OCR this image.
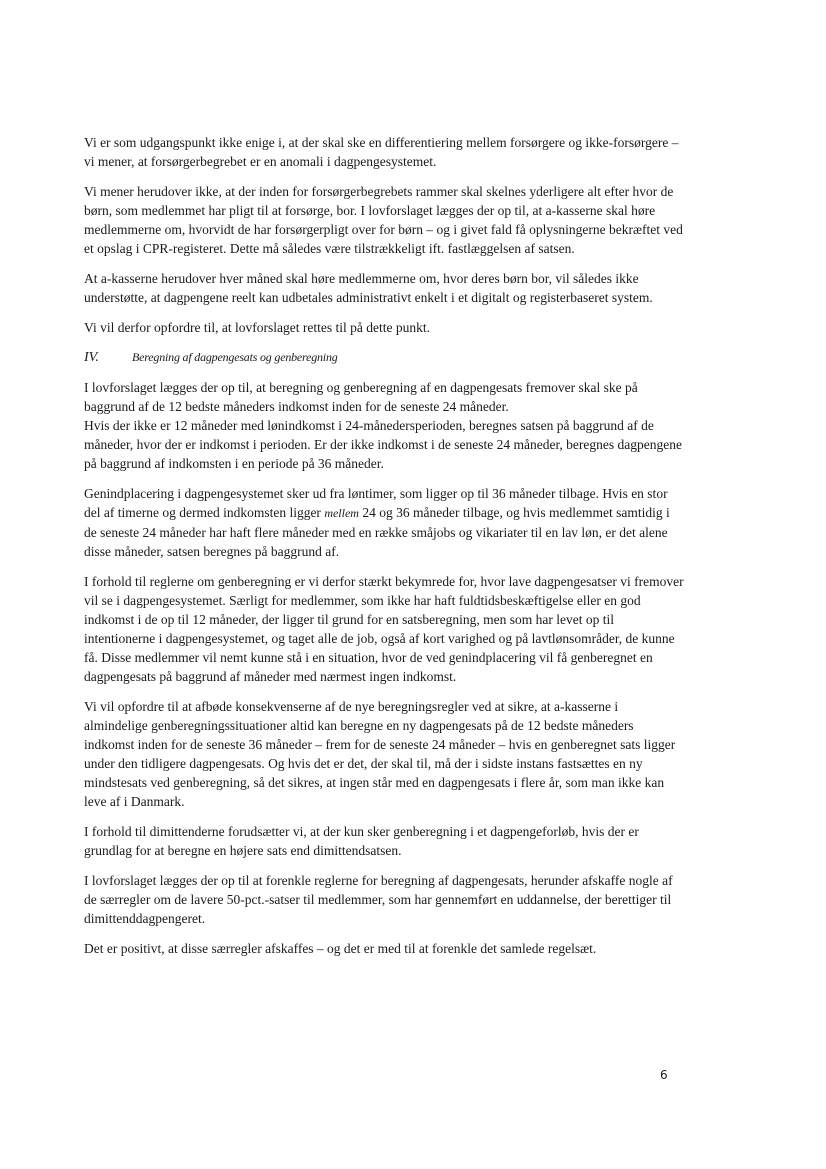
Vi er som udgangspunkt ikke enige i, at der skal ske en differentiering mellem forsørgere og ikke-forsørgere – vi mener, at forsørgerbegrebet er en anomali i dagpengesystemet.

Vi mener herudover ikke, at der inden for forsørgerbegrebets rammer skal skelnes yderligere alt efter hvor de børn, som medlemmet har pligt til at forsørge, bor. I lovforslaget lægges der op til, at a-kasserne skal høre medlemmerne om, hvorvidt de har forsørgerpligt over for børn – og i givet fald få oplysningerne bekræftet ved et opslag i CPR-registeret. Dette må således være tilstrækkeligt ift. fastlæggelsen af satsen.

At a-kasserne herudover hver måned skal høre medlemmerne om, hvor deres børn bor, vil således ikke understøtte, at dagpengene reelt kan udbetales administrativt enkelt i et digitalt og registerbaseret system.

Vi vil derfor opfordre til, at lovforslaget rettes til på dette punkt.

IV.	Beregning af dagpengesats og genberegning

I lovforslaget lægges der op til, at beregning og genberegning af en dagpengesats fremover skal ske på baggrund af de 12 bedste måneders indkomst inden for de seneste 24 måneder.
Hvis der ikke er 12 måneder med lønindkomst i 24-månedersperioden, beregnes satsen på baggrund af de måneder, hvor der er indkomst i perioden. Er der ikke indkomst i de seneste 24 måneder, beregnes dagpengene på baggrund af indkomsten i en periode på 36 måneder.

Genindplacering i dagpengesystemet sker ud fra løntimer, som ligger op til 36 måneder tilbage. Hvis en stor del af timerne og dermed indkomsten ligger mellem 24 og 36 måneder tilbage, og hvis medlemmet samtidig i de seneste 24 måneder har haft flere måneder med en række småjobs og vikariater til en lav løn, er det alene disse måneder, satsen beregnes på baggrund af.

I forhold til reglerne om genberegning er vi derfor stærkt bekymrede for, hvor lave dagpengesatser vi fremover vil se i dagpengesystemet. Særligt for medlemmer, som ikke har haft fuldtidsbeskæftigelse eller en god indkomst i de op til 12 måneder, der ligger til grund for en satsberegning, men som har levet op til intentionerne i dagpengesystemet, og taget alle de job, også af kort varighed og på lavtlønsområder, de kunne få. Disse medlemmer vil nemt kunne stå i en situation, hvor de ved genindplacering vil få genberegnet en dagpengesats på baggrund af måneder med nærmest ingen indkomst.

Vi vil opfordre til at afbøde konsekvenserne af de nye beregningsregler ved at sikre, at a-kasserne i almindelige genberegningssituationer altid kan beregne en ny dagpengesats på de 12 bedste måneders indkomst inden for de seneste 36 måneder – frem for de seneste 24 måneder – hvis en genberegnet sats ligger under den tidligere dagpengesats. Og hvis det er det, der skal til, må der i sidste instans fastsættes en ny mindstesats ved genberegning, så det sikres, at ingen står med en dagpengesats i flere år, som man ikke kan leve af i Danmark.

I forhold til dimittenderne forudsætter vi, at der kun sker genberegning i et dagpengeforløb, hvis der er grundlag for at beregne en højere sats end dimittendsatsen.

I lovforslaget lægges der op til at forenkle reglerne for beregning af dagpengesats, herunder afskaffe nogle af de særregler om de lavere 50-pct.-satser til medlemmer, som har gennemført en uddannelse, der berettiger til dimittenddagpengeret.

Det er positivt, at disse særregler afskaffes – og det er med til at forenkle det samlede regelsæt.

6
